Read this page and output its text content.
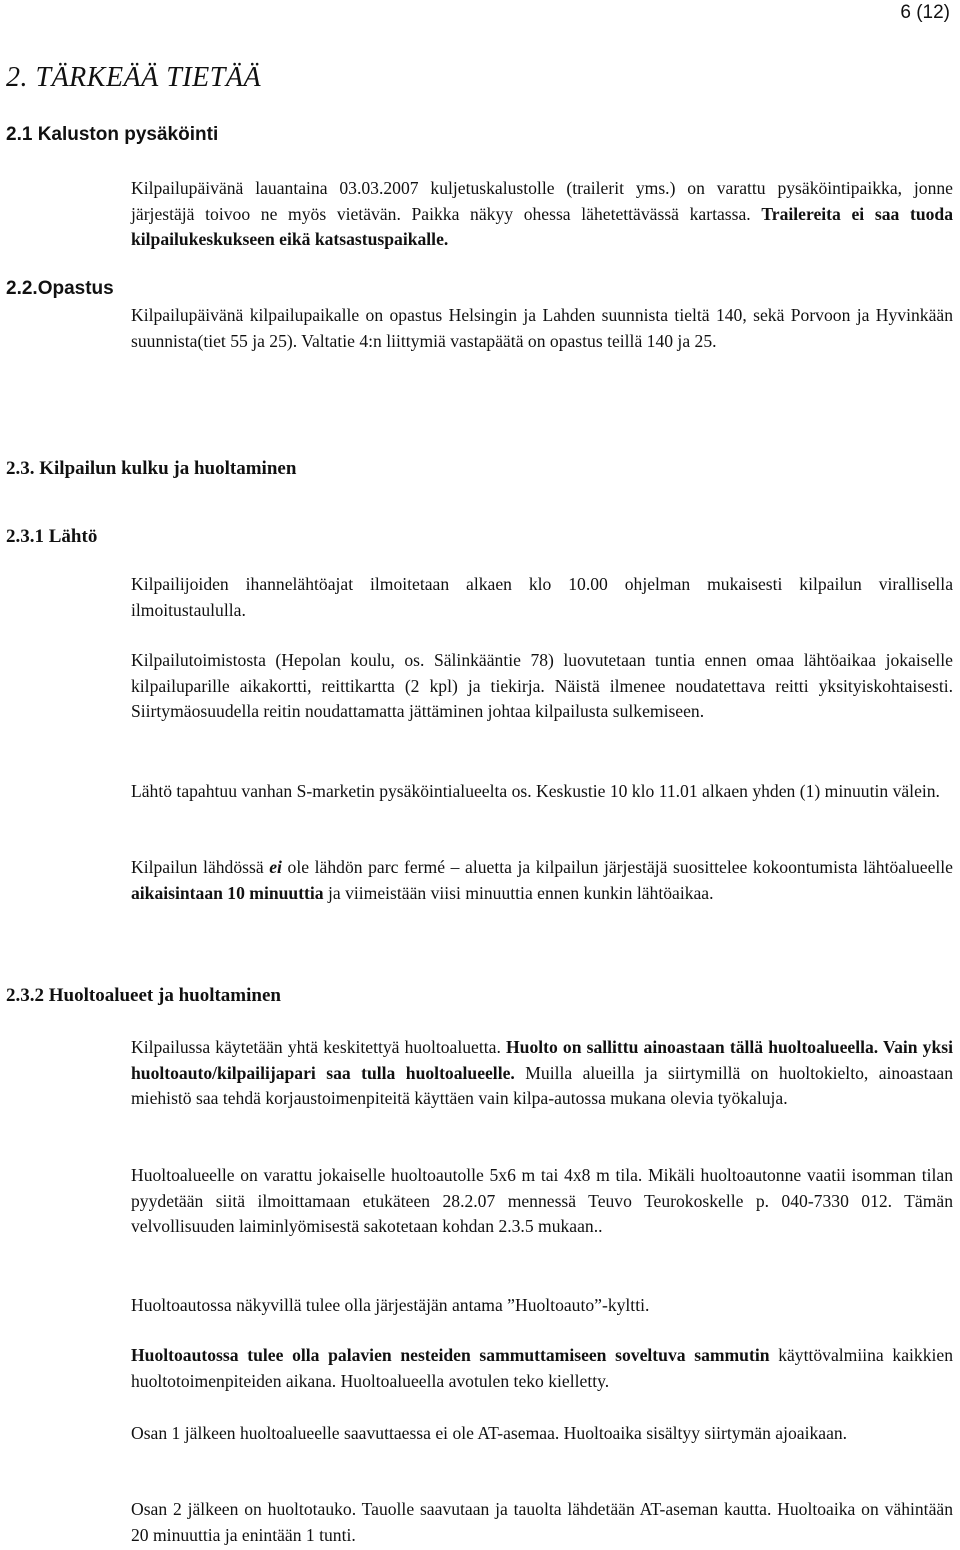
6 (12)
2. TÄRKEÄÄ TIETÄÄ
2.1 Kaluston pysäköinti

Kilpailupäivänä lauantaina 03.03.2007 kuljetuskalustolle (trailerit yms.) on varattu pysäköintipaikka, jonne järjestäjä toivoo ne myös vietävän. Paikka näkyy ohessa lähetettävässä kartassa. Trailereita ei saa tuoda kilpailukeskukseen eikä katsastuspaikalle.

2.2.Opastus

Kilpailupäivänä kilpailupaikalle on opastus Helsingin ja Lahden suunnista tieltä 140, sekä Porvoon ja Hyvinkään suunnista(tiet 55 ja 25). Valtatie 4:n liittymiä vastapäätä on opastus teillä 140 ja 25.

2.3. Kilpailun kulku ja huoltaminen
2.3.1 Lähtö

Kilpailijoiden ihannelähtöajat ilmoitetaan alkaen klo 10.00 ohjelman mukaisesti kilpailun virallisella ilmoitustaululla.

Kilpailutoimistosta (Hepolan koulu, os. Sälinkääntie 78) luovutetaan tuntia ennen omaa lähtöaikaa jokaiselle kilpailuparille aikakortti, reittikartta (2 kpl) ja tiekirja. Näistä ilmenee noudatettava reitti yksityiskohtaisesti. Siirtymäosuudella reitin noudattamatta jättäminen johtaa kilpailusta sulkemiseen.

Lähtö tapahtuu vanhan S-marketin pysäköintialueelta os. Keskustie 10 klo 11.01 alkaen yhden (1) minuutin välein.

Kilpailun lähdössä ei ole lähdön parc fermé – aluetta ja kilpailun järjestäjä suosittelee kokoontumista lähtöalueelle aikaisintaan 10 minuuttia ja viimeistään viisi minuuttia ennen kunkin lähtöaikaa.

2.3.2 Huoltoalueet ja huoltaminen

Kilpailussa käytetään yhtä keskitettyä huoltoaluetta. Huolto on sallittu ainoastaan tällä huoltoalueella. Vain yksi huoltoauto/kilpailijapari saa tulla huoltoalueelle. Muilla alueilla ja siirtymillä on huoltokielto, ainoastaan miehistö saa tehdä korjaustoimenpiteitä käyttäen vain kilpa-autossa mukana olevia työkaluja.

Huoltoalueelle on varattu jokaiselle huoltoautolle 5x6 m tai 4x8 m tila. Mikäli huoltoautonne vaatii isomman tilan pyydetään siitä ilmoittamaan etukäteen 28.2.07 mennessä Teuvo Teurokoskelle p. 040-7330 012. Tämän velvollisuuden laiminlyömisestä sakotetaan kohdan 2.3.5 mukaan..

Huoltoautossa näkyvillä tulee olla järjestäjän antama ”Huoltoauto”-kyltti.

Huoltoautossa tulee olla palavien nesteiden sammuttamiseen soveltuva sammutin käyttövalmiina kaikkien huoltotoimenpiteiden aikana. Huoltoalueella avotulen teko kielletty.

Osan 1 jälkeen huoltoalueelle saavuttaessa ei ole AT-asemaa. Huoltoaika sisältyy siirtymän ajoaikaan.

Osan 2 jälkeen on huoltotauko. Tauolle saavutaan ja tauolta lähdetään AT-aseman kautta. Huoltoaika on vähintään 20 minuuttia ja enintään 1 tunti.
